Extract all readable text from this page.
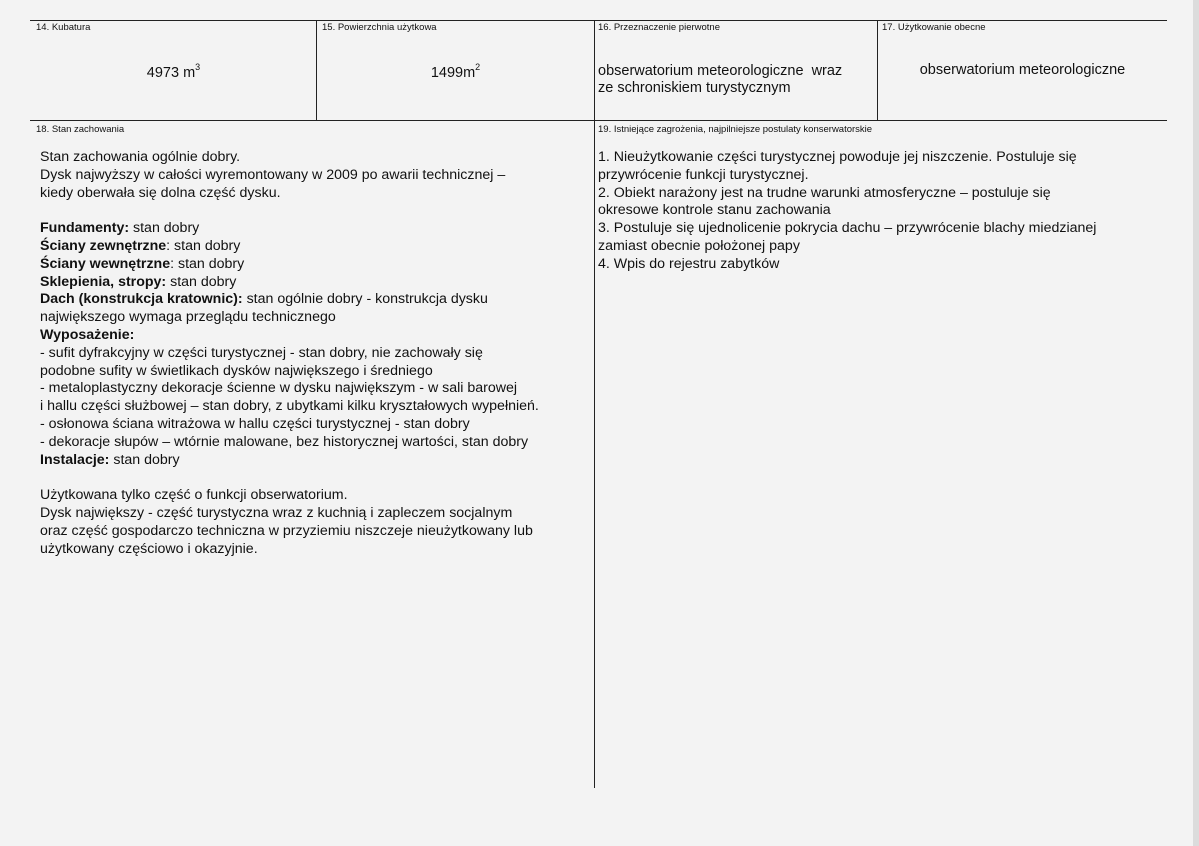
14. Kubatura
4973 $m^3$
15. Powierzchnia użytkowa
$1499m^2$
16. Przeznaczenie pierwotne
obserwatorium meteorologiczne  wraz
ze schroniskiem turystycznym
17. Użytkowanie obecne
obserwatorium meteorologiczne
18. Stan zachowania

Stan zachowania ogólnie dobry.

Dysk najwyższy w całości wyremontowany w 2009 po awarii technicznej –

kiedy oberwała się dolna część dysku.

Fundamenty: stan dobry

Ściany zewnętrzne: stan dobry

Ściany wewnętrzne: stan dobry

Sklepienia, stropy: stan dobry

Dach (konstrukcja kratownic): stan ogólnie dobry - konstrukcja dysku

największego wymaga przeglądu technicznego

Wyposażenie:

- sufit dyfrakcyjny w części turystycznej - stan dobry, nie zachowały się

podobne sufity w świetlikach dysków największego i średniego

- metaloplastyczny dekoracje ścienne w dysku największym - w sali barowej

i hallu części służbowej – stan dobry, z ubytkami kilku kryształowych wypełnień.

- osłonowa ściana witrażowa w hallu części turystycznej - stan dobry

- dekoracje słupów – wtórnie malowane, bez historycznej wartości, stan dobry

Instalacje: stan dobry

Użytkowana tylko część o funkcji obserwatorium.

Dysk największy - część turystyczna wraz z kuchnią i zapleczem socjalnym

oraz część gospodarczo techniczna w przyziemiu niszczeje nieużytkowany lub

użytkowany częściowo i okazyjnie.

19. Istniejące zagrożenia, najpilniejsze postulaty konserwatorskie

1. Nieużytkowanie części turystycznej powoduje jej niszczenie. Postuluje się

przywrócenie funkcji turystycznej.

2. Obiekt narażony jest na trudne warunki atmosferyczne – postuluje się

okresowe kontrole stanu zachowania

3. Postuluje się ujednolicenie pokrycia dachu – przywrócenie blachy miedzianej

zamiast obecnie położonej papy

4. Wpis do rejestru zabytków
